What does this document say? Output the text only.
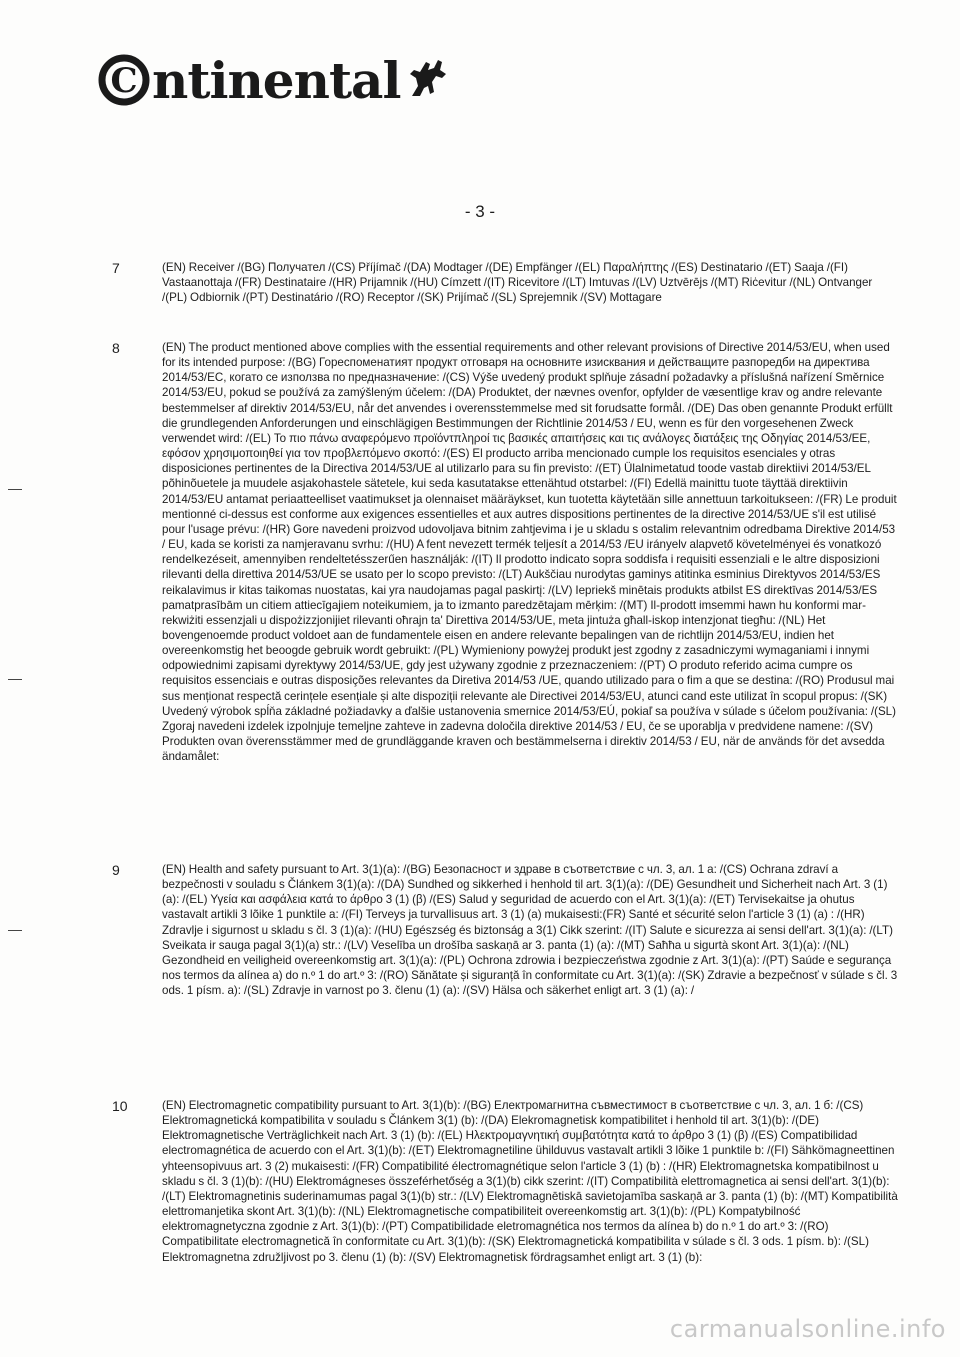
C ntinental
- 3 -
7	(EN) Receiver /(BG) Получател /(CS) Příjímač /(DA) Modtager /(DE) Empfänger /(EL) Παραλήπτης /(ES) Destinatario /(ET) Saaja /(FI) Vastaanottaja /(FR) Destinataire /(HR) Prijamnik /(HU) Címzett /(IT) Ricevitore /(LT) Imtuvas /(LV) Uztvērējs /(MT) Riċevitur /(NL) Ontvanger /(PL) Odbiornik /(PT) Destinatário /(RO) Receptor /(SK) Prijímač /(SL) Sprejemnik /(SV) Mottagare
8	(EN) The product mentioned above complies with the essential requirements and other relevant provisions of Directive 2014/53/EU, when used for its intended purpose: /(BG) Гореспоменатият продукт отговаря на основните изисквания и действащите разпоредби на директива 2014/53/ЕС, когато се използва по предназначение: /(CS) Výše uvedený produkt splňuje zásadní požadavky a příslušná nařízení Směrnice 2014/53/EU, pokud se používá za zamýšleným účelem: /(DA) Produktet, der nævnes ovenfor, opfylder de væsentlige krav og andre relevante bestemmelser af direktiv 2014/53/EU, når det anvendes i overensstemmelse med sit forudsatte formål. /(DE) Das oben genannte Produkt erfüllt die grundlegenden Anforderungen und einschlägigen Bestimmungen der Richtlinie 2014/53 / EU, wenn es für den vorgesehenen Zweck verwendet wird: /(EL) Το πιο πάνω αναφερόμενο προϊόντπληροί τις βασικές απαιτήσεις και τις ανάλογες διατάξεις της Οδηγίας 2014/53/ΕΕ, εφόσον χρησιμοποιηθεί για τον προβλεπόμενο σκοπό: /(ES) El producto arriba mencionado cumple los requisitos esenciales y otras disposiciones pertinentes de la Directiva 2014/53/UE al utilizarlo para su fin previsto: /(ET) Ülalnimetatud toode vastab direktiivi 2014/53/EL põhinõuetele ja muudele asjakohastele sätetele, kui seda kasutatakse ettenähtud otstarbel: /(FI) Edellä mainittu tuote täyttää direktiivin 2014/53/EU antamat periaatteelliset vaatimukset ja olennaiset määräykset, kun tuotetta käytetään sille annettuun tarkoitukseen: /(FR) Le produit mentionné ci-dessus est conforme aux exigences essentielles et aux autres dispositions pertinentes de la directive 2014/53/UE s'il est utilisé pour l'usage prévu: /(HR) Gore navedeni proizvod udovoljava bitnim zahtjevima i je u skladu s ostalim relevantnim odredbama Direktive 2014/53 / EU, kada se koristi za namjeravanu svrhu: /(HU) A fent nevezett termék teljesít a 2014/53 /EU irányelv alapvető követelményei és vonatkozó rendelkezéseit, amennyiben rendeltetésszerűen használják: /(IT) Il prodotto indicato sopra soddisfa i requisiti essenziali e le altre disposizioni rilevanti della direttiva 2014/53/UE se usato per lo scopo previsto: /(LT) Aukščiau nurodytas gaminys atitinka esminius Direktyvos 2014/53/ES reikalavimus ir kitas taikomas nuostatas, kai yra naudojamas pagal paskirtį: /(LV) Iepriekš minētais produkts atbilst ES direktīvas 2014/53/ES pamatprasībām un citiem attiecīgajiem noteikumiem, ja to izmanto paredzētajam mērķim: /(MT) Il-prodott imsemmi hawn hu konformi mar-rekwiżiti essenzjali u dispożizzjonijiet rilevanti oħrajn ta' Direttiva 2014/53/UE, meta jintuża għall-iskop intenzjonat tiegħu: /(NL) Het bovengenoemde product voldoet aan de fundamentele eisen en andere relevante bepalingen van de richtlijn 2014/53/EU, indien het overeenkomstig het beoogde gebruik wordt gebruikt: /(PL) Wymieniony powyżej produkt jest zgodny z zasadniczymi wymaganiami i innymi odpowiednimi zapisami dyrektywy 2014/53/UE, gdy jest używany zgodnie z przeznaczeniem: /(PT) O produto referido acima cumpre os requisitos essenciais e outras disposições relevantes da Diretiva 2014/53 /UE, quando utilizado para o fim a que se destina: /(RO) Produsul mai sus menționat respectă cerințele esențiale și alte dispoziții relevante ale Directivei 2014/53/EU, atunci cand este utilizat în scopul propus: /(SK) Uvedený výrobok spĺňa základné požiadavky a ďalšie ustanovenia smernice 2014/53/EÚ, pokiaľ sa používa v súlade s účelom používania: /(SL) Zgoraj navedeni izdelek izpolnjuje temeljne zahteve in zadevna določila direktive 2014/53 / EU, če se uporablja v predvidene namene: /(SV) Produkten ovan överensstämmer med de grundläggande kraven och bestämmelserna i direktiv 2014/53 / EU, när de används för det avsedda ändamålet:
9	(EN) Health and safety pursuant to Art. 3(1)(a): /(BG) Безопасност и здраве в съответствие с чл. 3, ал. 1 а: /(CS) Ochrana zdraví a bezpečnosti v souladu s Článkem 3(1)(a): /(DA) Sundhed og sikkerhed i henhold til art. 3(1)(a): /(DE) Gesundheit und Sicherheit nach Art. 3 (1) (a): /(EL) Υγεία και ασφάλεια κατά το άρθρο 3 (1) (β) /(ES) Salud y seguridad de acuerdo con el Art. 3(1)(a): /(ET) Tervisekaitse ja ohutus vastavalt artikli 3 lõike 1 punktile a: /(FI) Terveys ja turvallisuus art. 3 (1) (a) mukaisesti:(FR) Santé et sécurité selon l'article 3 (1) (a) : /(HR) Zdravlje i sigurnost u skladu s čl. 3 (1)(a): /(HU) Egészség és biztonság a 3(1) Cikk szerint: /(IT) Salute e sicurezza ai sensi dell'art. 3(1)(a): /(LT) Sveikata ir sauga pagal 3(1)(a) str.: /(LV) Veselība un drošība saskaņā ar 3. panta (1) (a): /(MT) Saħħa u sigurtà skont Art. 3(1)(a): /(NL) Gezondheid en veiligheid overeenkomstig art. 3(1)(a): /(PL) Ochrona zdrowia i bezpieczeństwa zgodnie z Art. 3(1)(a): /(PT) Saúde e segurança nos termos da alínea a) do n.º 1 do art.º 3: /(RO) Sănătate și siguranță în conformitate cu Art. 3(1)(a): /(SK) Zdravie a bezpečnosť v súlade s čl. 3 ods. 1 písm. a): /(SL) Zdravje in varnost po 3. členu (1) (a): /(SV) Hälsa och säkerhet enligt art. 3 (1) (a): /
10	(EN) Electromagnetic compatibility pursuant to Art. 3(1)(b): /(BG) Електромагнитна съвместимост в съответствие с чл. 3, ал. 1 б: /(CS) Elektromagnetická kompatibilita v souladu s Článkem 3(1) (b): /(DA) Elekromagnetisk kompatibilitet i henhold til art. 3(1)(b): /(DE) Elektromagnetische Verträglichkeit nach Art. 3 (1) (b): /(EL) Ηλεκτρομαγνητική συμβατότητα κατά το άρθρο 3 (1) (β) /(ES) Compatibilidad electromagnética de acuerdo con el Art. 3(1)(b): /(ET) Elektromagnetiline ühilduvus vastavalt artikli 3 lõike 1 punktile b: /(FI) Sähkömagneettinen yhteensopivuus art. 3 (2) mukaisesti: /(FR) Compatibilité électromagnétique selon l'article 3 (1) (b) : /(HR) Elektromagnetska kompatibilnost u skladu s čl. 3 (1)(b): /(HU) Elektromágneses összeférhetőség a 3(1)(b) cikk szerint: /(IT) Compatibilità elettromagnetica ai sensi dell'art. 3(1)(b): /(LT) Elektromagnetinis suderinamumas pagal 3(1)(b) str.: /(LV) Elektromagnētiskā savietojamība saskaņā ar 3. panta (1) (b): /(MT) Kompatibilità elettromanjetika skont Art. 3(1)(b): /(NL) Elektromagnetische compatibiliteit overeenkomstig art. 3(1)(b): /(PL) Kompatybilność elektromagnetyczna zgodnie z Art. 3(1)(b): /(PT) Compatibilidade eletromagnética nos termos da alínea b) do n.º 1 do art.º 3: /(RO) Compatibilitate electromagnetică în conformitate cu Art. 3(1)(b): /(SK) Elektromagnetická kompatibilita v súlade s čl. 3 ods. 1 písm. b): /(SL) Elektromagnetna združljivost po 3. členu (1) (b): /(SV) Elektromagnetisk fördragsamhet enligt art. 3 (1) (b):
carmanualsonline.info
